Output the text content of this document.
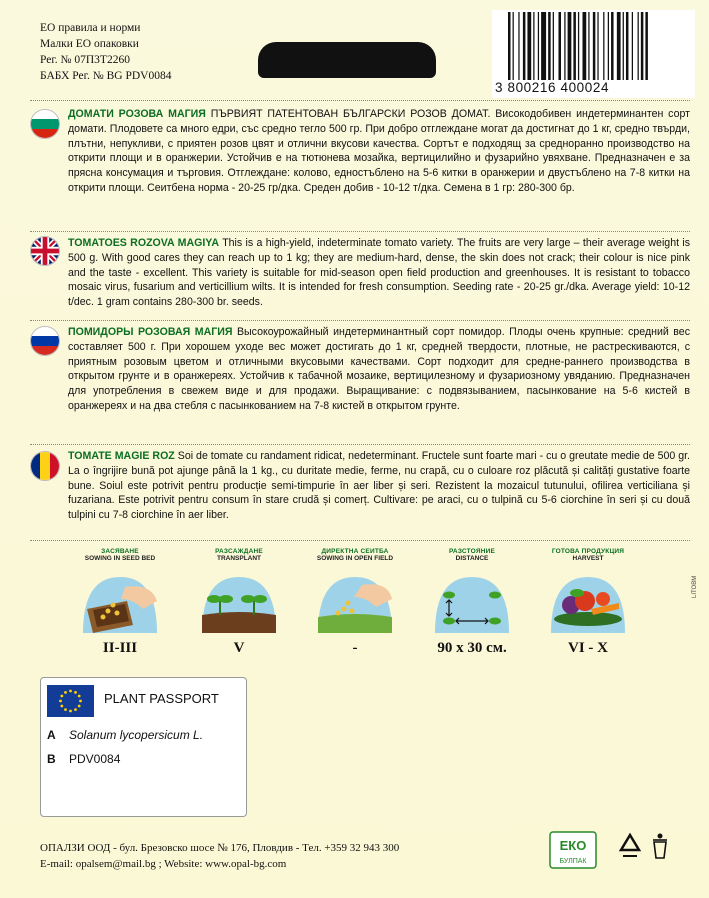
ЕО правила и норми
Малки ЕО опаковки
Рег. № 07П3Т2260
БАБХ Рег. № BG PDV0084
3 800216 400024
ДОМАТИ РОЗОВА МАГИЯ ПЪРВИЯТ ПАТЕНТОВАН БЪЛГАРСКИ РОЗОВ ДОМАТ. Високодобивен индетерминантен сорт домати. Плодовете са много едри, със средно тегло 500 гр. При добро отглеждане могат да достигнат до 1 кг, средно твърди, плътни, непукливи, с приятен розов цвят и отлични вкусови качества. Сортът е подходящ за средноранно производство на открити площи и в оранжерии. Устойчив е на тютюнева мозайка, вертицилийно и фузарийно увяхване. Предназначен е за прясна консумация и търговия. Отглеждане: коловo, едностъблено на 5-6 китки в оранжерии и двустъблено на 7-8 китки на открити площи. Сеитбена норма - 20-25 гр/дка. Среден добив - 10-12 т/дка. Семена в 1 гр: 280-300 бр.
TOMATOES ROZOVA MAGIYA This is a high-yield, indeterminate tomato variety. The fruits are very large – their average weight is 500 g. With good cares they can reach up to 1 kg; they are medium-hard, dense, the skin does not crack; their colour is nice pink and the taste - excellent. This variety is suitable for mid-season open field production and greenhouses. It is resistant to tobacco mosaic virus, fusarium and verticillium wilts. It is intended for fresh consumption. Seeding rate - 20-25 gr./dka. Average yield: 10-12 t/dec. 1 gram contains 280-300 br. seeds.
ПОМИДОРЫ РОЗОВАЯ МАГИЯ Высокоурожайный индетерминантный сорт помидор. Плоды очень крупные: средний вес составляет 500 г. При хорошем уходе вес может достигать до 1 кг, средней твердости, плотные, не растрескиваются, с приятным розовым цветом и отличными вкусовыми качествами. Сорт подходит для средне-раннего производства в открытом грунте и в оранжереях. Устойчив к табачной мозаике, вертицилезному и фузариозному увяданию. Предназначен для употребления в свежем виде и для продажи. Выращивание: с подвязыванием, пасынкование на 5-6 кистей в оранжереях и на два стебля с пасынкованием на 7-8 кистей в открытом грунте.
TOMATE MAGIE ROZ Soi de tomate cu randament ridicat, nedeterminant. Fructele sunt foarte mari - cu o greutate medie de 500 gr. La o îngrijire bună pot ajunge până la 1 kg., cu duritate medie, ferme, nu crapă, cu o culoare roz plăcută și calități gustative foarte bune. Soiul este potrivit pentru producție semi-timpurie în aer liber și seri. Rezistent la mozaicul tutunului, ofilirea verticiliana și fuzariana. Este potrivit pentru consum în stare crudă și comerț. Cultivare: pe araci, cu o tulpină cu 5-6 ciorchine în seri și cu două tulpini cu 7-8 ciorchine în aer liber.
ЗАСЯВАНЕ
SOWING IN SEED BED
II-III
РАЗСАЖДАНЕ
TRANSPLANT
V
ДИРЕКТНА СЕИТБА
SOWING IN OPEN FIELD
-
РАЗСТОЯНИЕ
DISTANCE
90 x 30 см.
ГОТОВА ПРОДУКЦИЯ
HARVEST
VI - X
LITOBM
PLANT PASSPORT
A Solanum lycopersicum L.
B PDV0084
ОПАЛЗИ ООД - бул. Брезовско шосе № 176, Пловдив - Тел. +359 32 943 300
E-mail: opalsem@mail.bg ; Website: www.opal-bg.com
ЕКО
БУЛПАК
